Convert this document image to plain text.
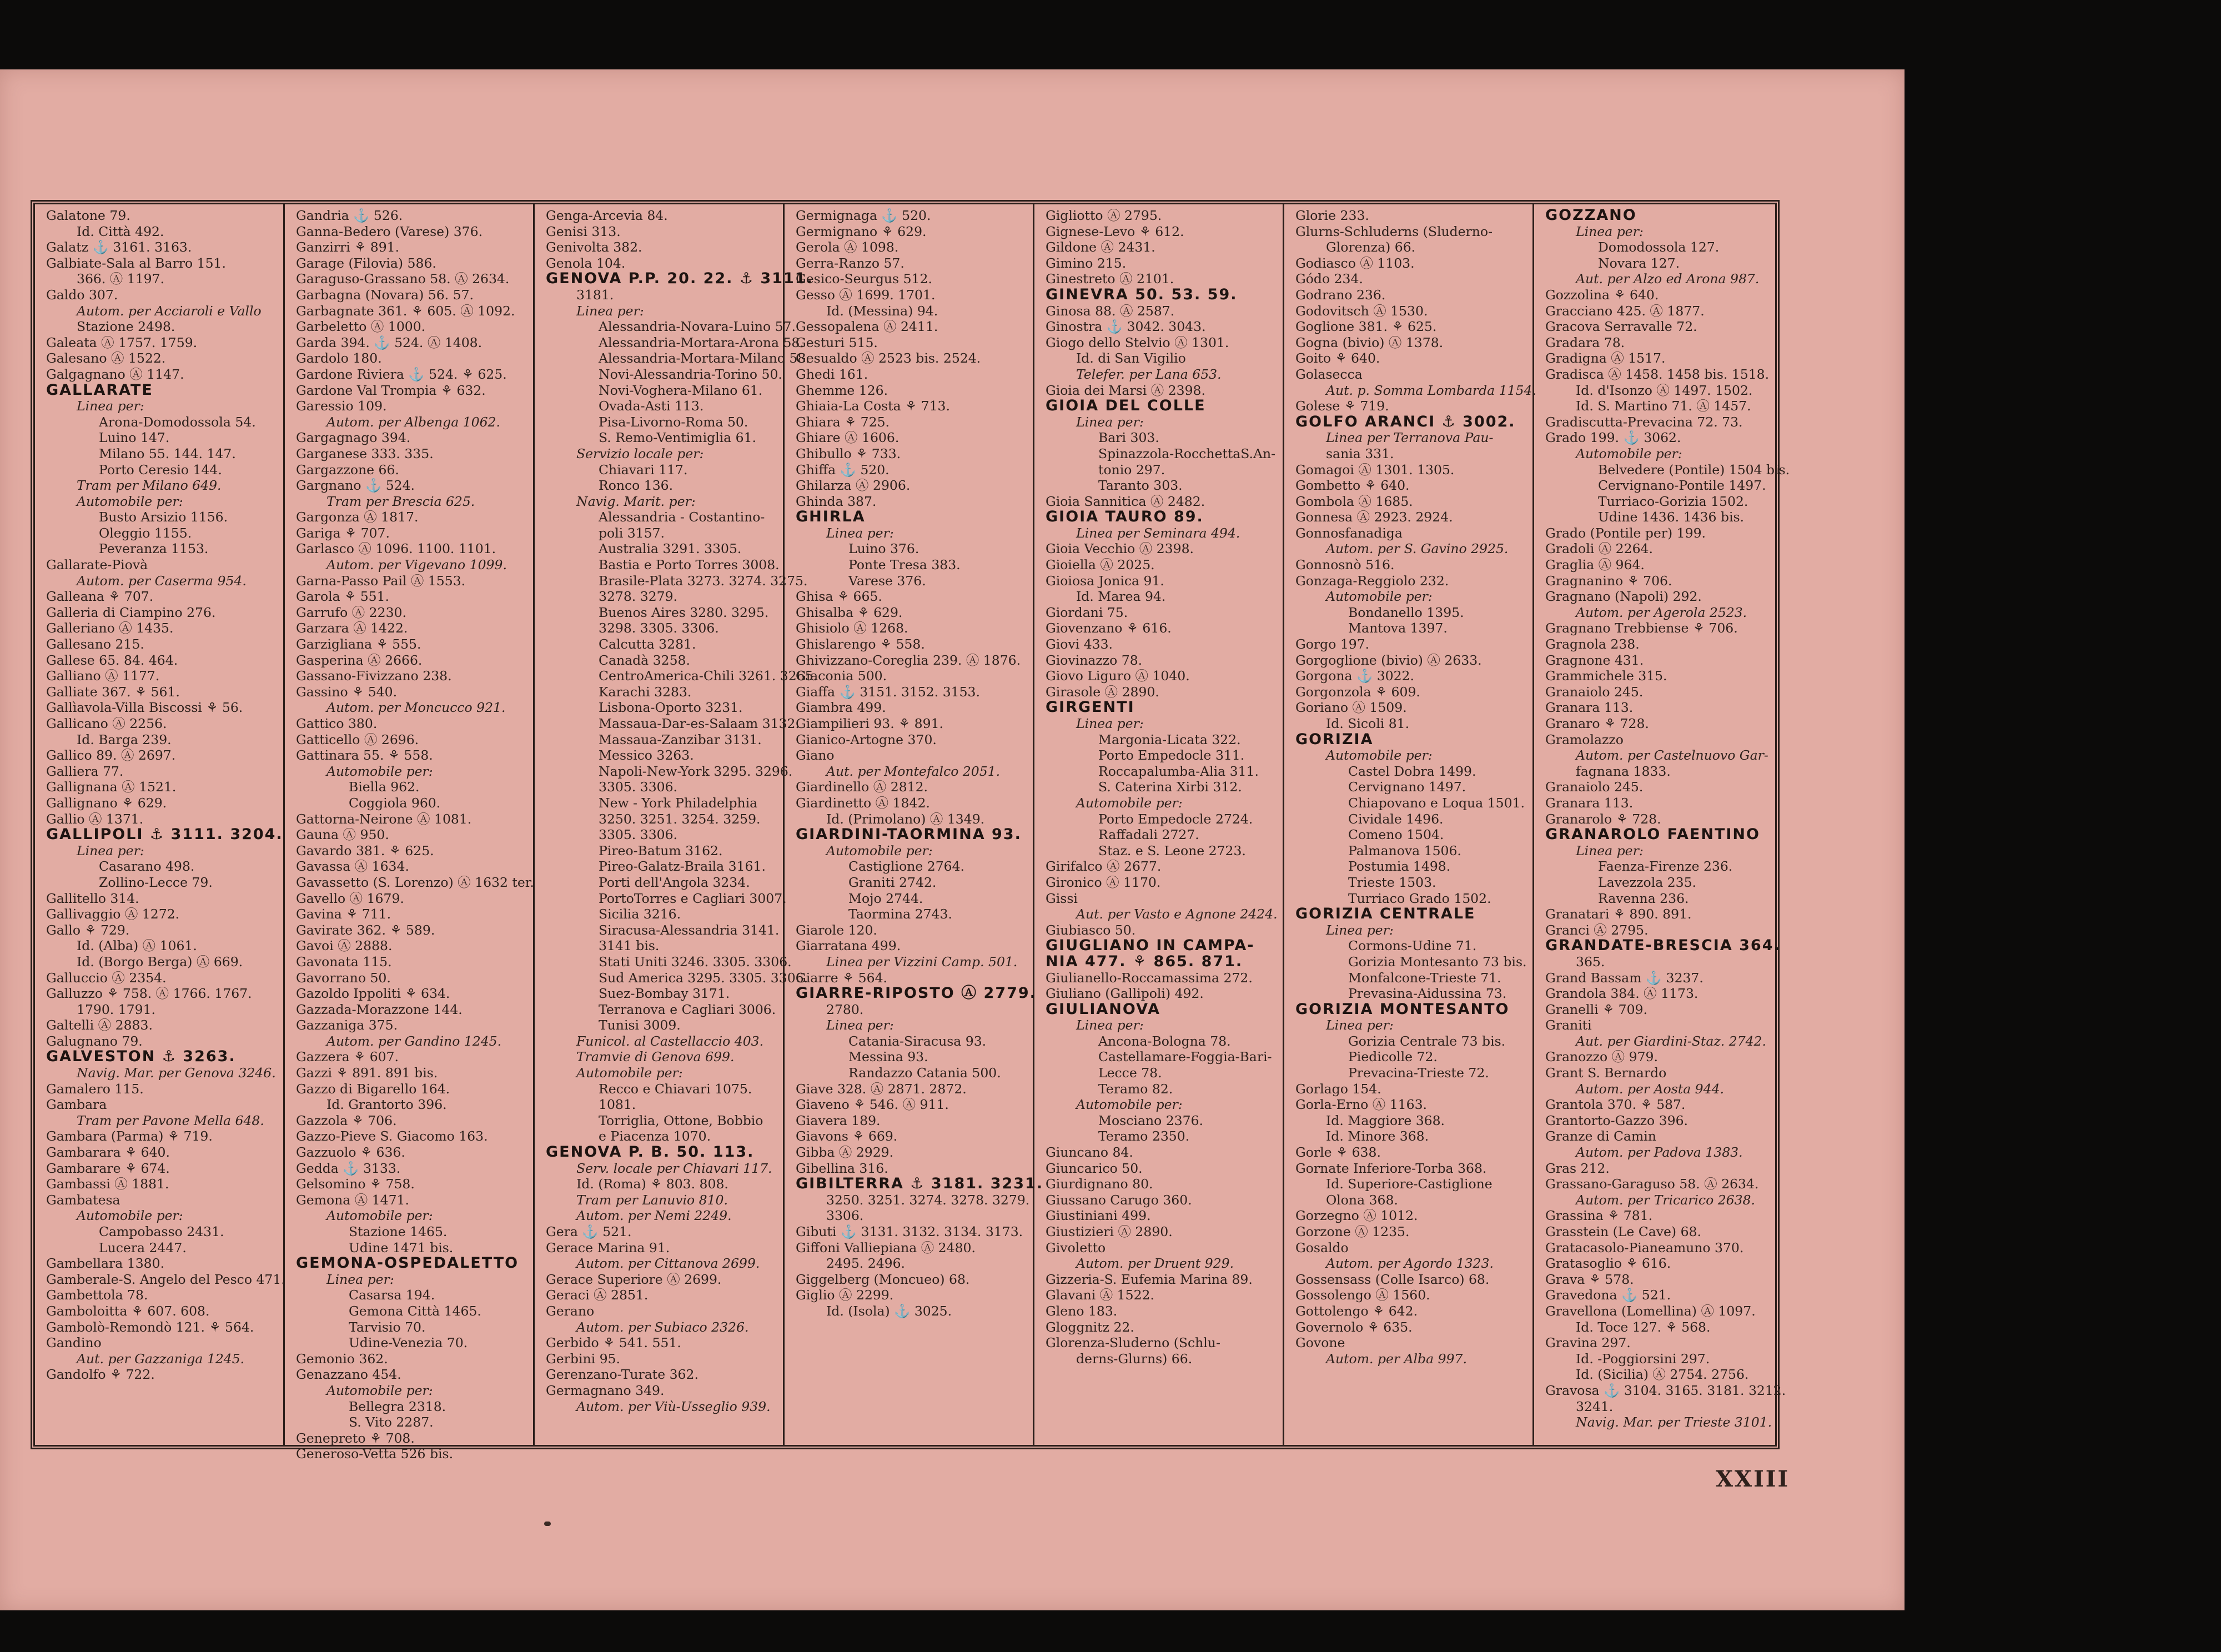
Galatone 79.
Id. Città 492.
Galatz ⚓ 3161. 3163.
Galbiate-Sala al Barro 151.
366. Ⓐ 1197.
Galdo 307.
Autom. per Acciaroli e Vallo
Stazione 2498.
Galeata Ⓐ 1757. 1759.
Galesano Ⓐ 1522.
Galgagnano Ⓐ 1147.
GALLARATE
Linea per:
Arona-Domodossola 54.
Luino 147.
Milano 55. 144. 147.
Porto Ceresio 144.
Tram per Milano 649.
Automobile per:
Busto Arsizio 1156.
Oleggio 1155.
Peveranza 1153.
Gallarate-Piovà
Autom. per Caserma 954.
Galleana ⚘ 707.
Galleria di Ciampino 276.
Galleriano Ⓐ 1435.
Gallesano 215.
Gallese 65. 84. 464.
Galliano Ⓐ 1177.
Galliate 367. ⚘ 561.
Gallìavola-Villa Biscossi ⚘ 56.
Gallicano Ⓐ 2256.
Id. Barga 239.
Gallico 89. Ⓐ 2697.
Galliera 77.
Gallignana Ⓐ 1521.
Gallignano ⚘ 629.
Gallio Ⓐ 1371.
GALLIPOLI ⚓ 3111. 3204.
Linea per:
Casarano 498.
Zollino-Lecce 79.
Gallitello 314.
Gallivaggio Ⓐ 1272.
Gallo ⚘ 729.
Id. (Alba) Ⓐ 1061.
Id. (Borgo Berga) Ⓐ 669.
Galluccio Ⓐ 2354.
Galluzzo ⚘ 758. Ⓐ 1766. 1767.
1790. 1791.
Galtelli Ⓐ 2883.
Galugnano 79.
GALVESTON ⚓ 3263.
Navig. Mar. per Genova 3246.
Gamalero 115.
Gambara
Tram per Pavone Mella 648.
Gambara (Parma) ⚘ 719.
Gambarara ⚘ 640.
Gambarare ⚘ 674.
Gambassi Ⓐ 1881.
Gambatesa
Automobile per:
Campobasso 2431.
Lucera 2447.
Gambellara 1380.
Gamberale-S. Angelo del Pesco 471.
Gambettola 78.
Gamboloitta ⚘ 607. 608.
Gambolò-Remondò 121. ⚘ 564.
Gandino
Aut. per Gazzaniga 1245.
Gandolfo ⚘ 722.
Gandria ⚓ 526.
Ganna-Bedero (Varese) 376.
Ganzirri ⚘ 891.
Garage (Filovia) 586.
Garaguso-Grassano 58. Ⓐ 2634.
Garbagna (Novara) 56. 57.
Garbagnate 361. ⚘ 605. Ⓐ 1092.
Garbeletto Ⓐ 1000.
Garda 394. ⚓ 524. Ⓐ 1408.
Gardolo 180.
Gardone Riviera ⚓ 524. ⚘ 625.
Gardone Val Trompia ⚘ 632.
Garessio 109.
Autom. per Albenga 1062.
Gargagnago 394.
Garganese 333. 335.
Gargazzone 66.
Gargnano ⚓ 524.
Tram per Brescia 625.
Gargonza Ⓐ 1817.
Gariga ⚘ 707.
Garlasco Ⓐ 1096. 1100. 1101.
Autom. per Vigevano 1099.
Garna-Passo Pail Ⓐ 1553.
Garola ⚘ 551.
Garrufo Ⓐ 2230.
Garzara Ⓐ 1422.
Garzigliana ⚘ 555.
Gasperina Ⓐ 2666.
Gassano-Fivizzano 238.
Gassino ⚘ 540.
Autom. per Moncucco 921.
Gattico 380.
Gatticello Ⓐ 2696.
Gattinara 55. ⚘ 558.
Automobile per:
Biella 962.
Coggiola 960.
Gattorna-Neirone Ⓐ 1081.
Gauna Ⓐ 950.
Gavardo 381. ⚘ 625.
Gavassa Ⓐ 1634.
Gavassetto (S. Lorenzo) Ⓐ 1632 ter.
Gavello Ⓐ 1679.
Gavina ⚘ 711.
Gavirate 362. ⚘ 589.
Gavoi Ⓐ 2888.
Gavonata 115.
Gavorrano 50.
Gazoldo Ippoliti ⚘ 634.
Gazzada-Morazzone 144.
Gazzaniga 375.
Autom. per Gandino 1245.
Gazzera ⚘ 607.
Gazzi ⚘ 891. 891 bis.
Gazzo di Bigarello 164.
Id. Grantorto 396.
Gazzola ⚘ 706.
Gazzo-Pieve S. Giacomo 163.
Gazzuolo ⚘ 636.
Gedda ⚓ 3133.
Gelsomino ⚘ 758.
Gemona Ⓐ 1471.
Automobile per:
Stazione 1465.
Udine 1471 bis.
GEMONA-OSPEDALETTO
Linea per:
Casarsa 194.
Gemona Città 1465.
Tarvisio 70.
Udine-Venezia 70.
Gemonio 362.
Genazzano 454.
Automobile per:
Bellegra 2318.
S. Vito 2287.
Genepreto ⚘ 708.
Generoso-Vetta 526 bis.
Genga-Arcevia 84.
Genisi 313.
Genivolta 382.
Genola 104.
GENOVA P.P. 20. 22. ⚓ 3111.
3181.
Linea per:
Alessandria-Novara-Luino 57.
Alessandria-Mortara-Arona 58.
Alessandria-Mortara-Milano 58.
Novi-Alessandria-Torino 50.
Novi-Voghera-Milano 61.
Ovada-Asti 113.
Pisa-Livorno-Roma 50.
S. Remo-Ventimiglia 61.
Servizio locale per:
Chiavari 117.
Ronco 136.
Navig. Marit. per:
Alessandria - Costantino-
poli 3157.
Australia 3291. 3305.
Bastia e Porto Torres 3008.
Brasile-Plata 3273. 3274. 3275.
3278. 3279.
Buenos Aires 3280. 3295.
3298. 3305. 3306.
Calcutta 3281.
Canadà 3258.
CentroAmerica-Chili 3261. 3265.
Karachi 3283.
Lisbona-Oporto 3231.
Massaua-Dar-es-Salaam 3132.
Massaua-Zanzibar 3131.
Messico 3263.
Napoli-New-York 3295. 3296.
3305. 3306.
New - York Philadelphia
3250. 3251. 3254. 3259.
3305. 3306.
Pireo-Batum 3162.
Pireo-Galatz-Braila 3161.
Porti dell'Angola 3234.
PortoTorres e Cagliari 3007.
Sicilia 3216.
Siracusa-Alessandria 3141.
3141 bis.
Stati Uniti 3246. 3305. 3306.
Sud America 3295. 3305. 3306.
Suez-Bombay 3171.
Terranova e Cagliari 3006.
Tunisi 3009.
Funicol. al Castellaccio 403.
Tramvie di Genova 699.
Automobile per:
Recco e Chiavari 1075.
1081.
Torriglia, Ottone, Bobbio
e Piacenza 1070.
GENOVA P. B. 50. 113.
Serv. locale per Chiavari 117.
Id. (Roma) ⚘ 803. 808.
Tram per Lanuvio 810.
Autom. per Nemi 2249.
Gera ⚓ 521.
Gerace Marina 91.
Autom. per Cittanova 2699.
Gerace Superiore Ⓐ 2699.
Geraci Ⓐ 2851.
Gerano
Autom. per Subiaco 2326.
Gerbido ⚘ 541. 551.
Gerbini 95.
Gerenzano-Turate 362.
Germagnano 349.
Autom. per Viù-Usseglio 939.
Germignaga ⚓ 520.
Germignano ⚘ 629.
Gerola Ⓐ 1098.
Gerra-Ranzo 57.
Gesico-Seurgus 512.
Gesso Ⓐ 1699. 1701.
Id. (Messina) 94.
Gessopalena Ⓐ 2411.
Gesturi 515.
Gesualdo Ⓐ 2523 bis. 2524.
Ghedi 161.
Ghemme 126.
Ghiaia-La Costa ⚘ 713.
Ghiara ⚘ 725.
Ghiare Ⓐ 1606.
Ghibullo ⚘ 733.
Ghiffa ⚓ 520.
Ghilarza Ⓐ 2906.
Ghinda 387.
GHIRLA
Linea per:
Luino 376.
Ponte Tresa 383.
Varese 376.
Ghisa ⚘ 665.
Ghisalba ⚘ 629.
Ghisiolo Ⓐ 1268.
Ghislarengo ⚘ 558.
Ghivizzano-Coreglia 239. Ⓐ 1876.
Giaconia 500.
Giaffa ⚓ 3151. 3152. 3153.
Giambra 499.
Giampilieri 93. ⚘ 891.
Gianico-Artogne 370.
Giano
Aut. per Montefalco 2051.
Giardinello Ⓐ 2812.
Giardinetto Ⓐ 1842.
Id. (Primolano) Ⓐ 1349.
GIARDINI-TAORMINA 93.
Automobile per:
Castiglione 2764.
Graniti 2742.
Mojo 2744.
Taormina 2743.
Giarole 120.
Giarratana 499.
Linea per Vizzini Camp. 501.
Giarre ⚘ 564.
GIARRE-RIPOSTO Ⓐ 2779.
2780.
Linea per:
Catania-Siracusa 93.
Messina 93.
Randazzo Catania 500.
Giave 328. Ⓐ 2871. 2872.
Giaveno ⚘ 546. Ⓐ 911.
Giavera 189.
Giavons ⚘ 669.
Gibba Ⓐ 2929.
Gibellina 316.
GIBILTERRA ⚓ 3181. 3231.
3250. 3251. 3274. 3278. 3279.
3306.
Gibuti ⚓ 3131. 3132. 3134. 3173.
Giffoni Valliepiana Ⓐ 2480.
2495. 2496.
Giggelberg (Moncueo) 68.
Giglio Ⓐ 2299.
Id. (Isola) ⚓ 3025.
Gigliotto Ⓐ 2795.
Gignese-Levo ⚘ 612.
Gildone Ⓐ 2431.
Gimino 215.
Ginestreto Ⓐ 2101.
GINEVRA 50. 53. 59.
Ginosa 88. Ⓐ 2587.
Ginostra ⚓ 3042. 3043.
Giogo dello Stelvio Ⓐ 1301.
Id. di San Vigilio
Telefer. per Lana 653.
Gioia dei Marsi Ⓐ 2398.
GIOIA DEL COLLE
Linea per:
Bari 303.
Spinazzola-RocchettaS.An-
tonio 297.
Taranto 303.
Gioia Sannitica Ⓐ 2482.
GIOIA TAURO 89.
Linea per Seminara 494.
Gioia Vecchio Ⓐ 2398.
Gioiella Ⓐ 2025.
Gioiosa Jonica 91.
Id. Marea 94.
Giordani 75.
Giovenzano ⚘ 616.
Giovi 433.
Giovinazzo 78.
Giovo Liguro Ⓐ 1040.
Girasole Ⓐ 2890.
GIRGENTI
Linea per:
Margonia-Licata 322.
Porto Empedocle 311.
Roccapalumba-Alia 311.
S. Caterina Xirbi 312.
Automobile per:
Porto Empedocle 2724.
Raffadali 2727.
Staz. e S. Leone 2723.
Girifalco Ⓐ 2677.
Gironico Ⓐ 1170.
Gissi
Aut. per Vasto e Agnone 2424.
Giubiasco 50.
GIUGLIANO IN CAMPA-
NIA 477. ⚘ 865. 871.
Giulianello-Roccamassima 272.
Giuliano (Gallipoli) 492.
GIULIANOVA
Linea per:
Ancona-Bologna 78.
Castellamare-Foggia-Bari-
Lecce 78.
Teramo 82.
Automobile per:
Mosciano 2376.
Teramo 2350.
Giuncano 84.
Giuncarico 50.
Giurdignano 80.
Giussano Carugo 360.
Giustiniani 499.
Giustizieri Ⓐ 2890.
Givoletto
Autom. per Druent 929.
Gizzeria-S. Eufemia Marina 89.
Glavani Ⓐ 1522.
Gleno 183.
Gloggnitz 22.
Glorenza-Sluderno (Schlu-
derns-Glurns) 66.
Glorie 233.
Glurns-Schluderns (Sluderno-
Glorenza) 66.
Godiasco Ⓐ 1103.
Gódo 234.
Godrano 236.
Godovitsch Ⓐ 1530.
Goglione 381. ⚘ 625.
Gogna (bivio) Ⓐ 1378.
Goito ⚘ 640.
Golasecca
Aut. p. Somma Lombarda 1154.
Golese ⚘ 719.
GOLFO ARANCI ⚓ 3002.
Linea per Terranova Pau-
sania 331.
Gomagoi Ⓐ 1301. 1305.
Gombetto ⚘ 640.
Gombola Ⓐ 1685.
Gonnesa Ⓐ 2923. 2924.
Gonnosfanadiga
Autom. per S. Gavino 2925.
Gonnosnò 516.
Gonzaga-Reggiolo 232.
Automobile per:
Bondanello 1395.
Mantova 1397.
Gorgo 197.
Gorgoglione (bivio) Ⓐ 2633.
Gorgona ⚓ 3022.
Gorgonzola ⚘ 609.
Goriano Ⓐ 1509.
Id. Sicoli 81.
GORIZIA
Automobile per:
Castel Dobra 1499.
Cervignano 1497.
Chiapovano e Loqua 1501.
Cividale 1496.
Comeno 1504.
Palmanova 1506.
Postumia 1498.
Trieste 1503.
Turriaco Grado 1502.
GORIZIA CENTRALE
Linea per:
Cormons-Udine 71.
Gorizia Montesanto 73 bis.
Monfalcone-Trieste 71.
Prevasina-Aidussina 73.
GORIZIA MONTESANTO
Linea per:
Gorizia Centrale 73 bis.
Piedicolle 72.
Prevacina-Trieste 72.
Gorlago 154.
Gorla-Erno Ⓐ 1163.
Id. Maggiore 368.
Id. Minore 368.
Gorle ⚘ 638.
Gornate Inferiore-Torba 368.
Id. Superiore-Castiglione
Olona 368.
Gorzegno Ⓐ 1012.
Gorzone Ⓐ 1235.
Gosaldo
Autom. per Agordo 1323.
Gossensass (Colle Isarco) 68.
Gossolengo Ⓐ 1560.
Gottolengo ⚘ 642.
Governolo ⚘ 635.
Govone
Autom. per Alba 997.
GOZZANO
Linea per:
Domodossola 127.
Novara 127.
Aut. per Alzo ed Arona 987.
Gozzolina ⚘ 640.
Gracciano 425. Ⓐ 1877.
Gracova Serravalle 72.
Gradara 78.
Gradigna Ⓐ 1517.
Gradisca Ⓐ 1458. 1458 bis. 1518.
Id. d'Isonzo Ⓐ 1497. 1502.
Id. S. Martino 71. Ⓐ 1457.
Gradiscutta-Prevacina 72. 73.
Grado 199. ⚓ 3062.
Automobile per:
Belvedere (Pontile) 1504 bis.
Cervignano-Pontile 1497.
Turriaco-Gorizia 1502.
Udine 1436. 1436 bis.
Grado (Pontile per) 199.
Gradoli Ⓐ 2264.
Graglia Ⓐ 964.
Gragnanino ⚘ 706.
Gragnano (Napoli) 292.
Autom. per Agerola 2523.
Gragnano Trebbiense ⚘ 706.
Gragnola 238.
Gragnone 431.
Grammichele 315.
Granaiolo 245.
Granara 113.
Granaro ⚘ 728.
Gramolazzo
Autom. per Castelnuovo Gar-
fagnana 1833.
Granaiolo 245.
Granara 113.
Granarolo ⚘ 728.
GRANAROLO FAENTINO
Linea per:
Faenza-Firenze 236.
Lavezzola 235.
Ravenna 236.
Granatari ⚘ 890. 891.
Granci Ⓐ 2795.
GRANDATE-BRESCIA 364.
365.
Grand Bassam ⚓ 3237.
Grandola 384. Ⓐ 1173.
Granelli ⚘ 709.
Graniti
Aut. per Giardini-Staz. 2742.
Granozzo Ⓐ 979.
Grant S. Bernardo
Autom. per Aosta 944.
Grantola 370. ⚘ 587.
Grantorto-Gazzo 396.
Granze di Camin
Autom. per Padova 1383.
Gras 212.
Grassano-Garaguso 58. Ⓐ 2634.
Autom. per Tricarico 2638.
Grassina ⚘ 781.
Grasstein (Le Cave) 68.
Gratacasolo-Pianeamuno 370.
Gratasoglio ⚘ 616.
Grava ⚘ 578.
Gravedona ⚓ 521.
Gravellona (Lomellina) Ⓐ 1097.
Id. Toce 127. ⚘ 568.
Gravina 297.
Id. -Poggiorsini 297.
Id. (Sicilia) Ⓐ 2754. 2756.
Gravosa ⚓ 3104. 3165. 3181. 3212.
3241.
Navig. Mar. per Trieste 3101.
XXIII
